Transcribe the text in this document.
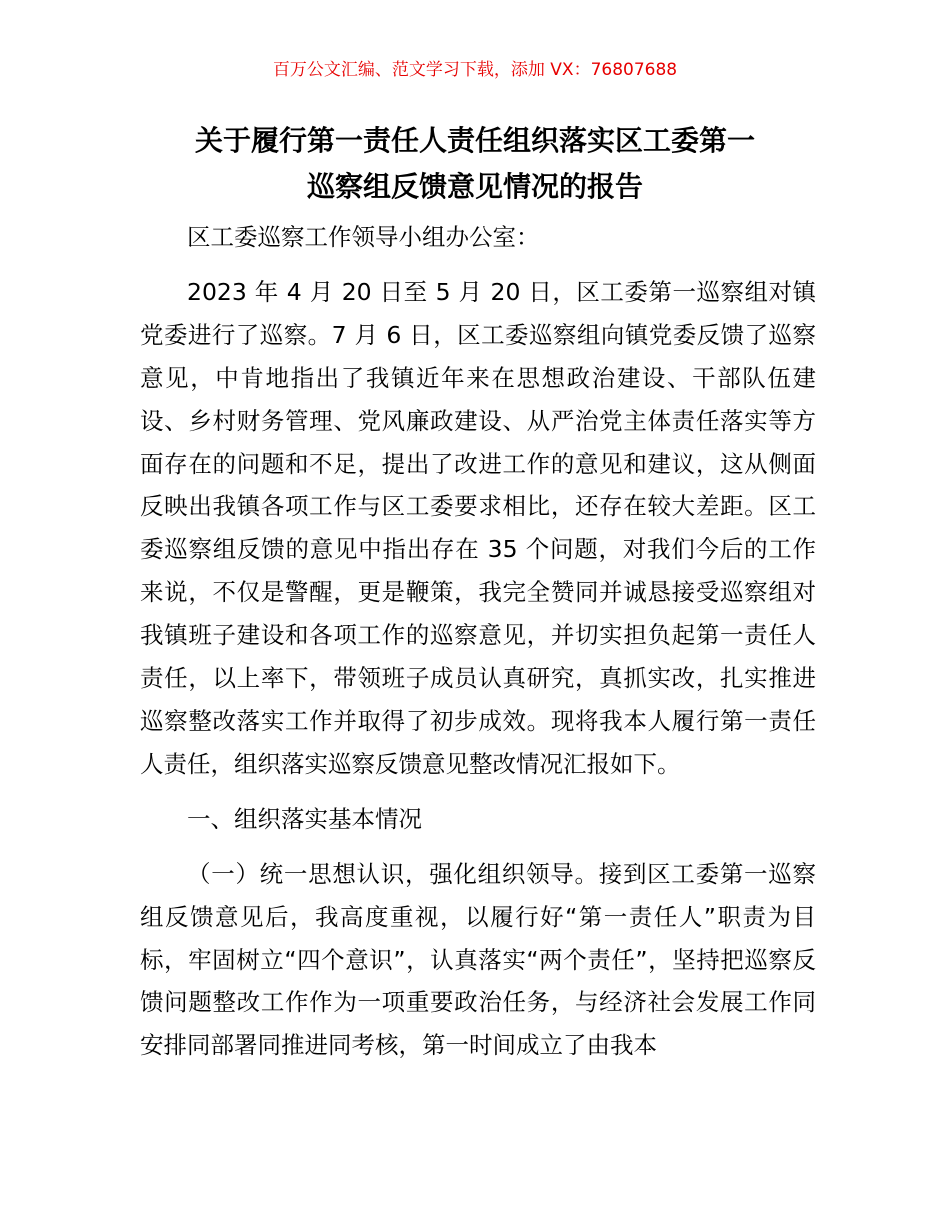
百万公文汇编、范文学习下载，添加 VX：76807688
关于履行第一责任人责任组织落实区工委第一
巡察组反馈意见情况的报告

区工委巡察工作领导小组办公室：

2023 年 4 月 20 日至 5 月 20 日，区工委第一巡察组对镇党委进行了巡察。7 月 6 日，区工委巡察组向镇党委反馈了巡察意见，中肯地指出了我镇近年来在思想政治建设、干部队伍建设、乡村财务管理、党风廉政建设、从严治党主体责任落实等方面存在的问题和不足，提出了改进工作的意见和建议，这从侧面反映出我镇各项工作与区工委要求相比，还存在较大差距。区工委巡察组反馈的意见中指出存在 35 个问题，对我们今后的工作来说，不仅是警醒，更是鞭策，我完全赞同并诚恳接受巡察组对我镇班子建设和各项工作的巡察意见，并切实担负起第一责任人责任，以上率下，带领班子成员认真研究，真抓实改，扎实推进巡察整改落实工作并取得了初步成效。现将我本人履行第一责任人责任，组织落实巡察反馈意见整改情况汇报如下。

一、组织落实基本情况

（一）统一思想认识，强化组织领导。接到区工委第一巡察组反馈意见后，我高度重视，以履行好“第一责任人”职责为目标，牢固树立“四个意识”，认真落实“两个责任”，坚持把巡察反馈问题整改工作作为一项重要政治任务，与经济社会发展工作同安排同部署同推进同考核，第一时间成立了由我本
